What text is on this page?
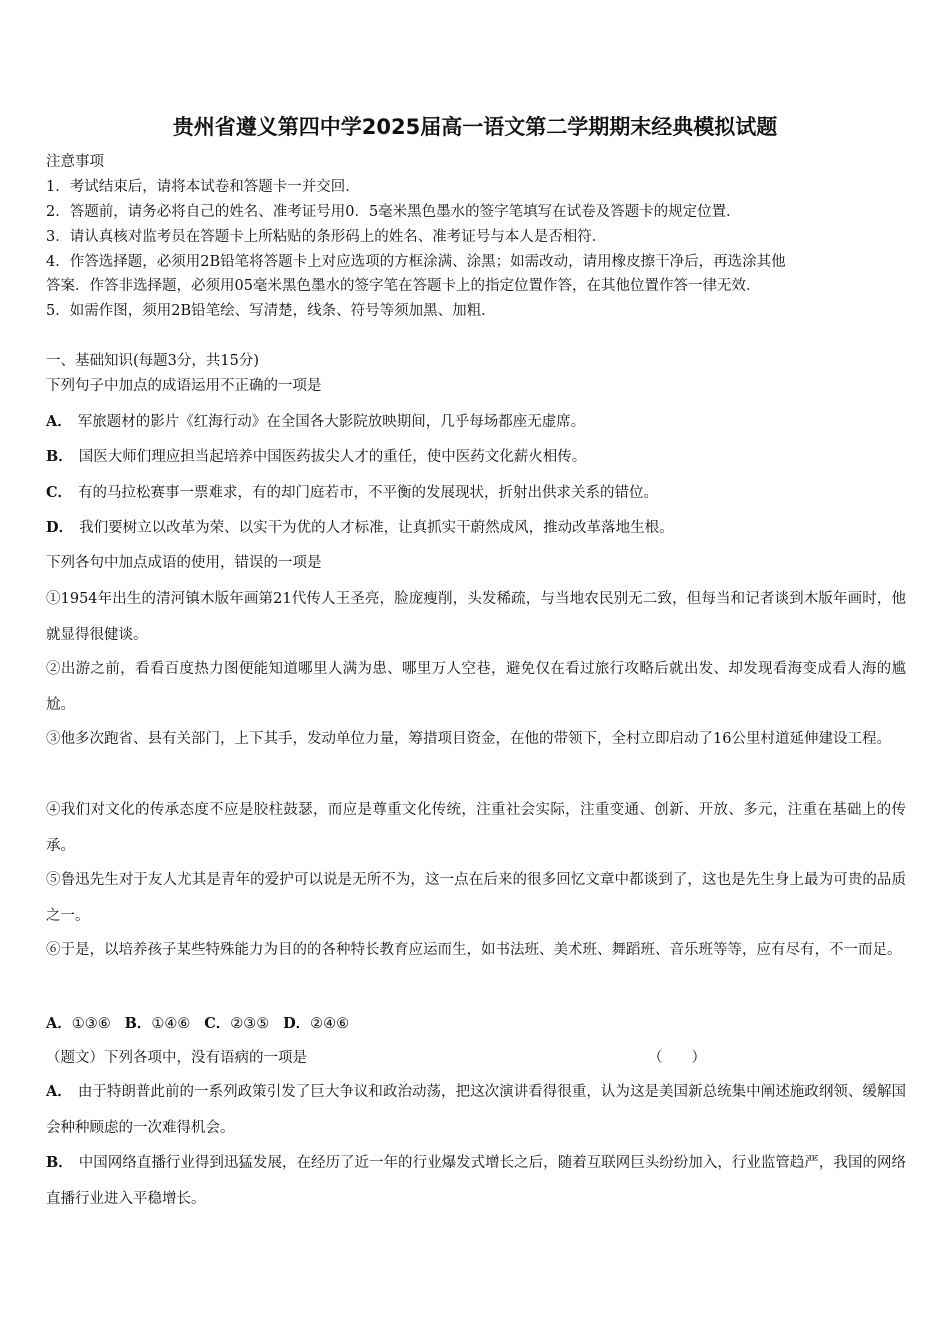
贵州省遵义第四中学2025届高一语文第二学期期末经典模拟试题
注意事项
1．考试结束后，请将本试卷和答题卡一并交回．
2．答题前，请务必将自己的姓名、准考证号用0．5毫米黑色墨水的签字笔填写在试卷及答题卡的规定位置．
3．请认真核对监考员在答题卡上所粘贴的条形码上的姓名、准考证号与本人是否相符．
4．作答选择题，必须用2B铅笔将答题卡上对应选项的方框涂满、涂黑；如需改动，请用橡皮擦干净后，再选涂其他
答案．作答非选择题，必须用05毫米黑色墨水的签字笔在答题卡上的指定位置作答，在其他位置作答一律无效．
5．如需作图，须用2B铅笔绘、写清楚，线条、符号等须加黑、加粗．
一、基础知识(每题3分，共15分)
下列句子中加点的成语运用不正确的一项是
A． 军旅题材的影片《红海行动》在全国各大影院放映期间，几乎每场都座无虚席。
B． 国医大师们理应担当起培养中国医药拔尖人才的重任，使中医药文化薪火相传。
C． 有的马拉松赛事一票难求，有的却门庭若市，不平衡的发展现状，折射出供求关系的错位。
D． 我们要树立以改革为荣、以实干为优的人才标准，让真抓实干蔚然成风，推动改革落地生根。
下列各句中加点成语的使用，错误的一项是
①1954年出生的清河镇木版年画第21代传人王圣亮，脸庞瘦削，头发稀疏，与当地农民别无二致，但每当和记者谈到木版年画时，他就显得很健谈。
②出游之前，看看百度热力图便能知道哪里人满为患、哪里万人空巷，避免仅在看过旅行攻略后就出发、却发现看海变成看人海的尴尬。
③他多次跑省、县有关部门，上下其手，发动单位力量，筹措项目资金，在他的带领下，全村立即启动了16公里村道延伸建设工程。
④我们对文化的传承态度不应是胶柱鼓瑟，而应是尊重文化传统，注重社会实际，注重变通、创新、开放、多元，注重在基础上的传承。
⑤鲁迅先生对于友人尤其是青年的爱护可以说是无所不为，这一点在后来的很多回忆文章中都谈到了，这也是先生身上最为可贵的品质之一。
⑥于是，以培养孩子某些特殊能力为目的的各种特长教育应运而生，如书法班、美术班、舞蹈班、音乐班等等，应有尽有，不一而足。
A．①③⑥ B．①④⑥ C．②③⑤ D．②④⑥
（题文）下列各项中，没有语病的一项是	（　　）
A． 由于特朗普此前的一系列政策引发了巨大争议和政治动荡，把这次演讲看得很重，认为这是美国新总统集中阐述施政纲领、缓解国会种种顾虑的一次难得机会。
B． 中国网络直播行业得到迅猛发展，在经历了近一年的行业爆发式增长之后，随着互联网巨头纷纷加入，行业监管趋严，我国的网络直播行业进入平稳增长。
